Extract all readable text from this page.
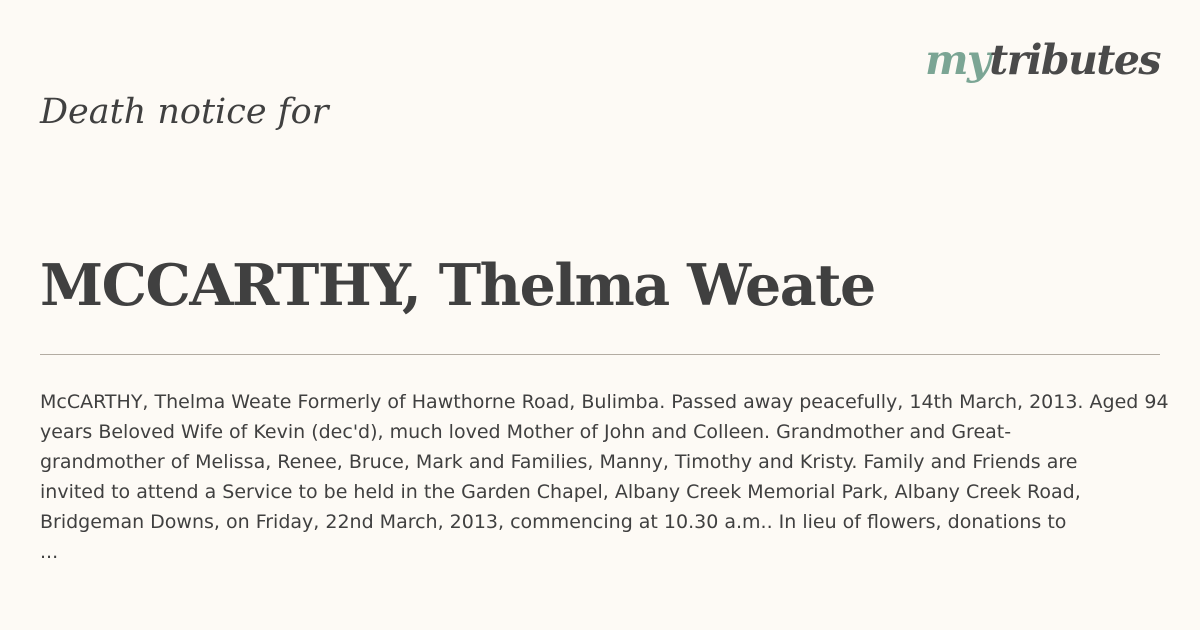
mytributes
Death notice for
MCCARTHY, Thelma Weate

McCARTHY, Thelma Weate Formerly of Hawthorne Road, Bulimba. Passed away peacefully, 14th March, 2013. Aged 94
years Beloved Wife of Kevin (dec'd), much loved Mother of John and Colleen. Grandmother and Great-
grandmother of Melissa, Renee, Bruce, Mark and Families, Manny, Timothy and Kristy. Family and Friends are
invited to attend a Service to be held in the Garden Chapel, Albany Creek Memorial Park, Albany Creek Road,
Bridgeman Downs, on Friday, 22nd March, 2013, commencing at 10.30 a.m.. In lieu of flowers, donations to
...
